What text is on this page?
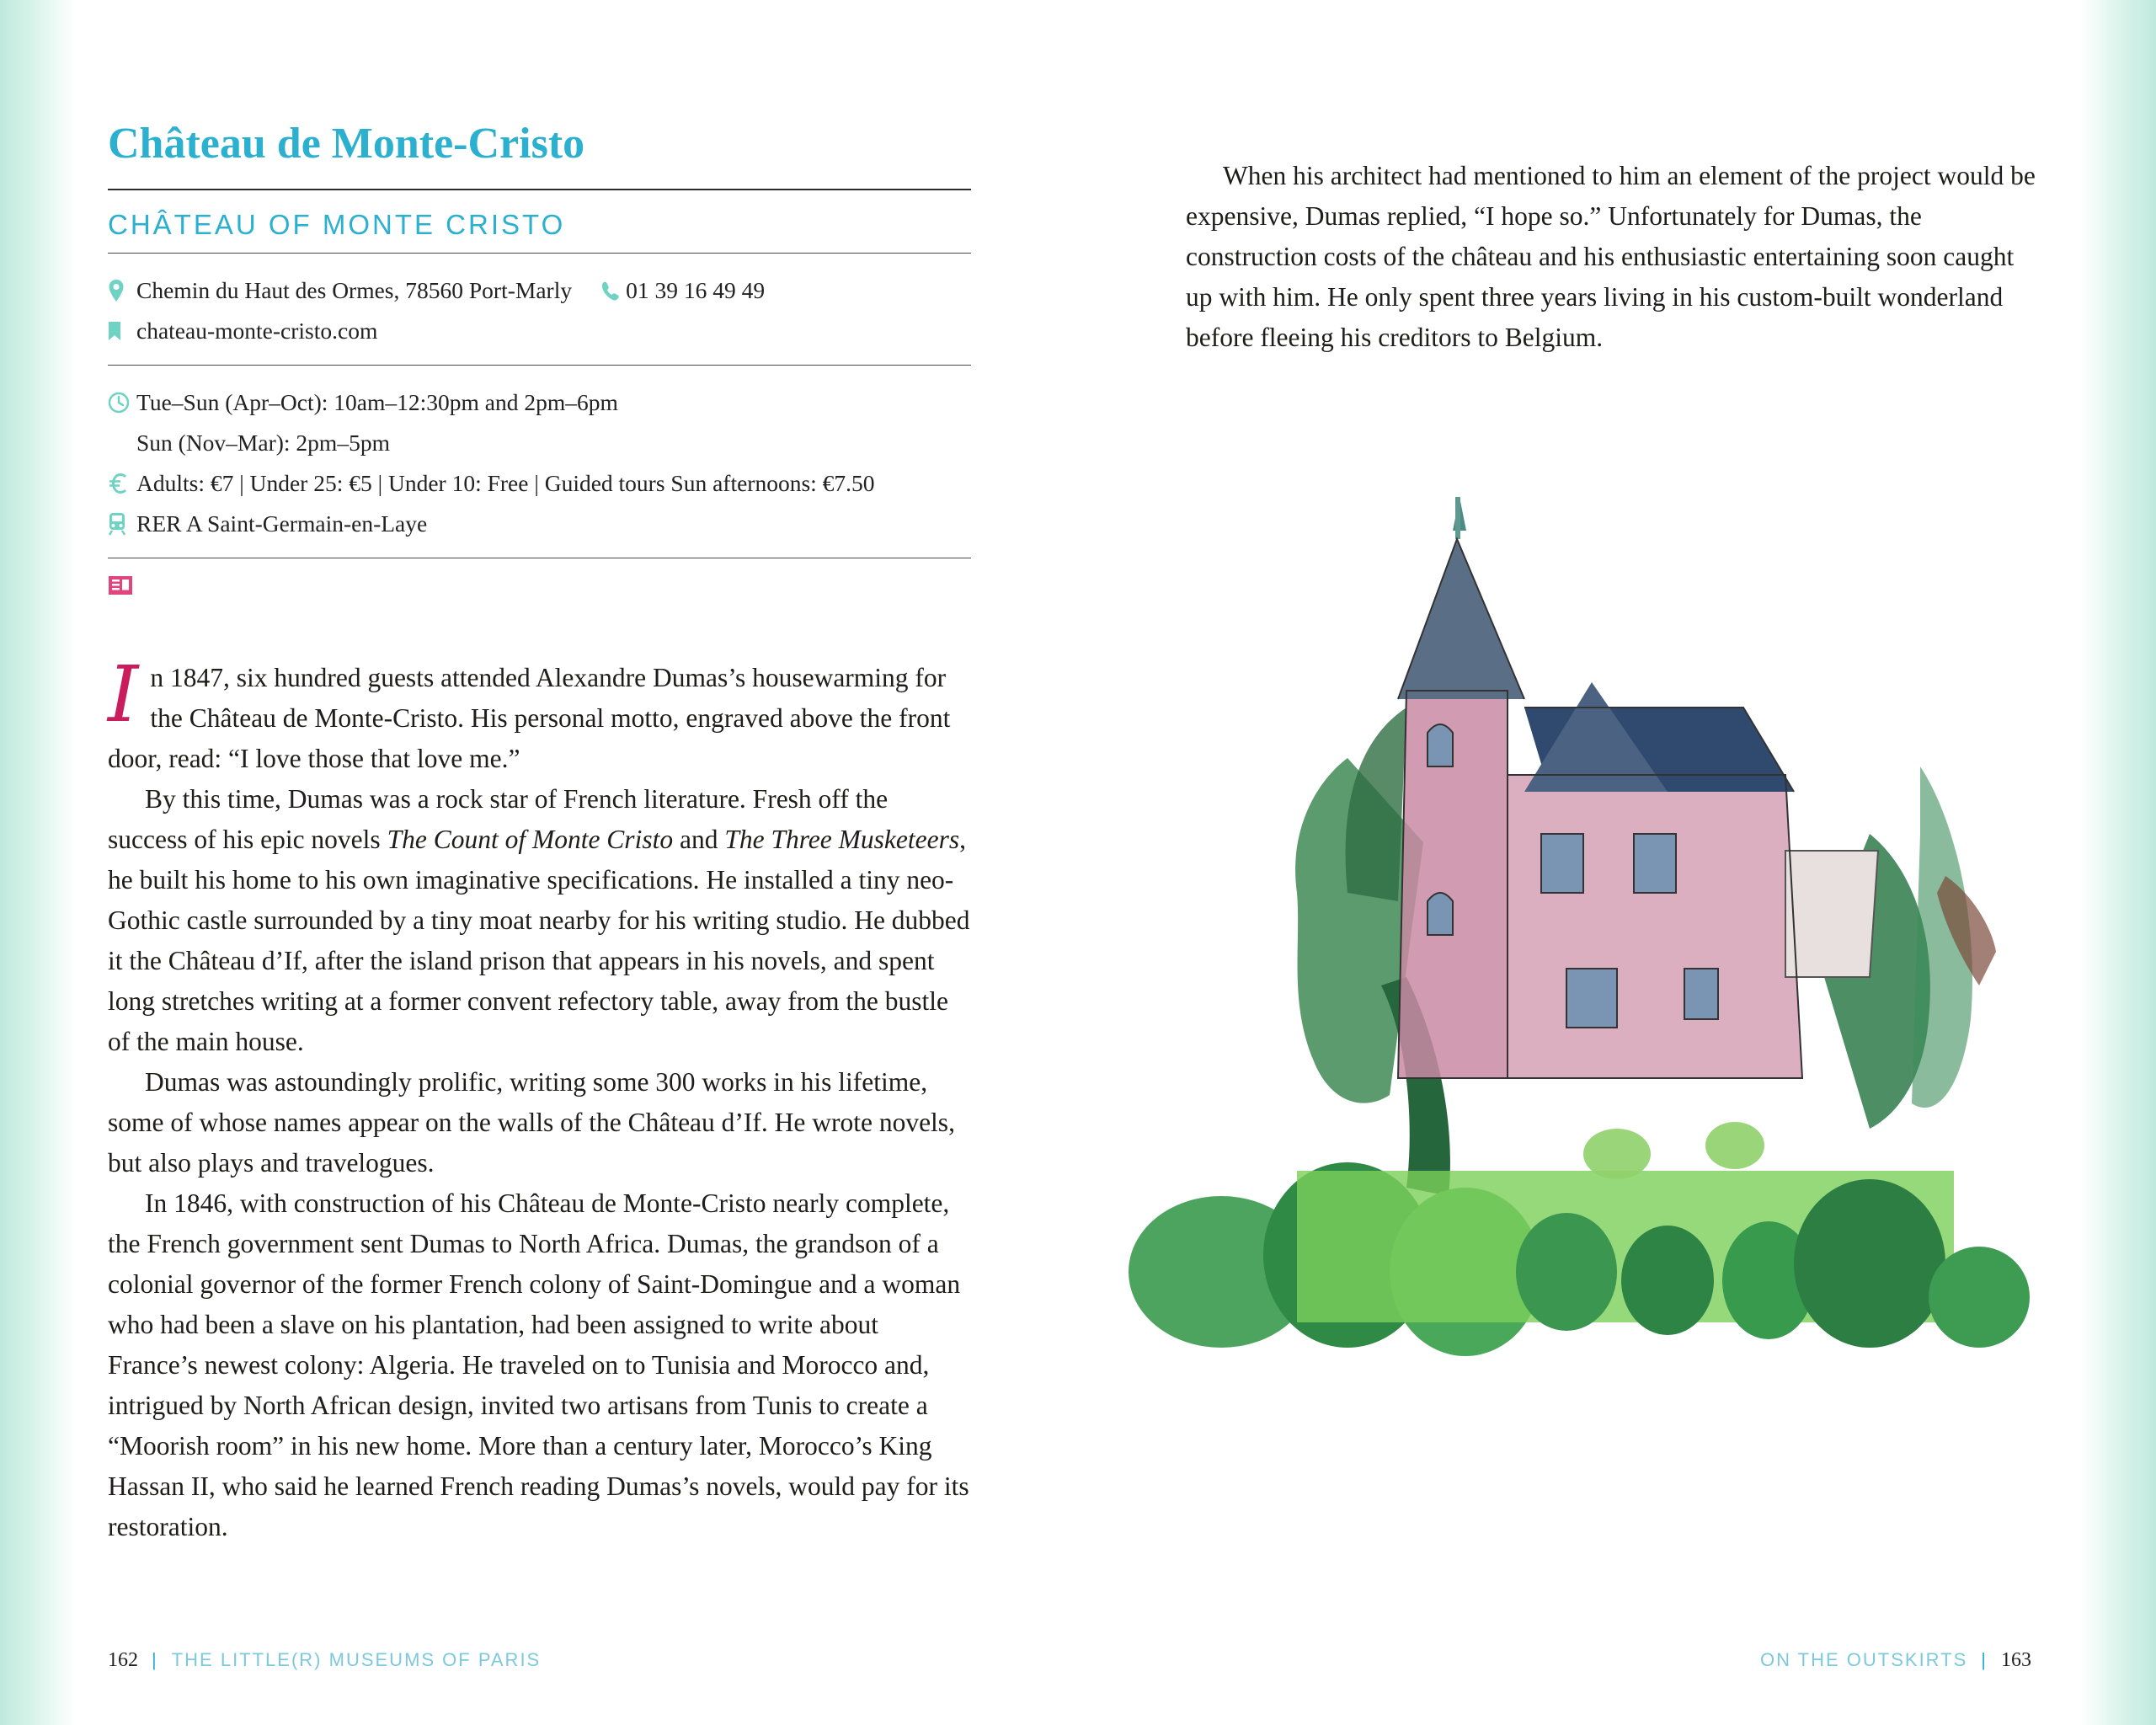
Château de Monte-Cristo
CHÂTEAU OF MONTE CRISTO
Chemin du Haut des Ormes, 78560 Port-Marly 01 39 16 49 49
chateau-monte-cristo.com
Tue–Sun (Apr–Oct): 10am–12:30pm and 2pm–6pm
Sun (Nov–Mar): 2pm–5pm
Adults: €7 | Under 25: €5 | Under 10: Free | Guided tours Sun afternoons: €7.50
RER A Saint-Germain-en-Laye

In 1847, six hundred guests attended Alexandre Dumas’s housewarming for the Château de Monte-Cristo. His personal motto, engraved above the front door, read: “I love those that love me.”

By this time, Dumas was a rock star of French literature. Fresh off the success of his epic novels The Count of Monte Cristo and The Three Musketeers, he built his home to his own imaginative specifications. He installed a tiny neo-Gothic castle surrounded by a tiny moat nearby for his writing studio. He dubbed it the Château d’If, after the island prison that appears in his novels, and spent long stretches writing at a former convent refectory table, away from the bustle of the main house.

Dumas was astoundingly prolific, writing some 300 works in his lifetime, some of whose names appear on the walls of the Château d’If. He wrote novels, but also plays and travelogues.

In 1846, with construction of his Château de Monte-Cristo nearly complete, the French government sent Dumas to North Africa. Dumas, the grandson of a colonial governor of the former French colony of Saint-Domingue and a woman who had been a slave on his plantation, had been assigned to write about France’s newest colony: Algeria. He traveled on to Tunisia and Morocco and, intrigued by North African design, invited two artisans from Tunis to create a “Moorish room” in his new home. More than a century later, Morocco’s King Hassan II, who said he learned French reading Dumas’s novels, would pay for its restoration.

When his architect had mentioned to him an element of the project would be expensive, Dumas replied, “I hope so.” Unfortunately for Dumas, the construction costs of the château and his enthusiastic entertaining soon caught up with him. He only spent three years living in his custom-built wonderland before fleeing his creditors to Belgium.

162 | THE LITTLE(R) MUSEUMS OF PARIS	ON THE OUTSKIRTS | 163
